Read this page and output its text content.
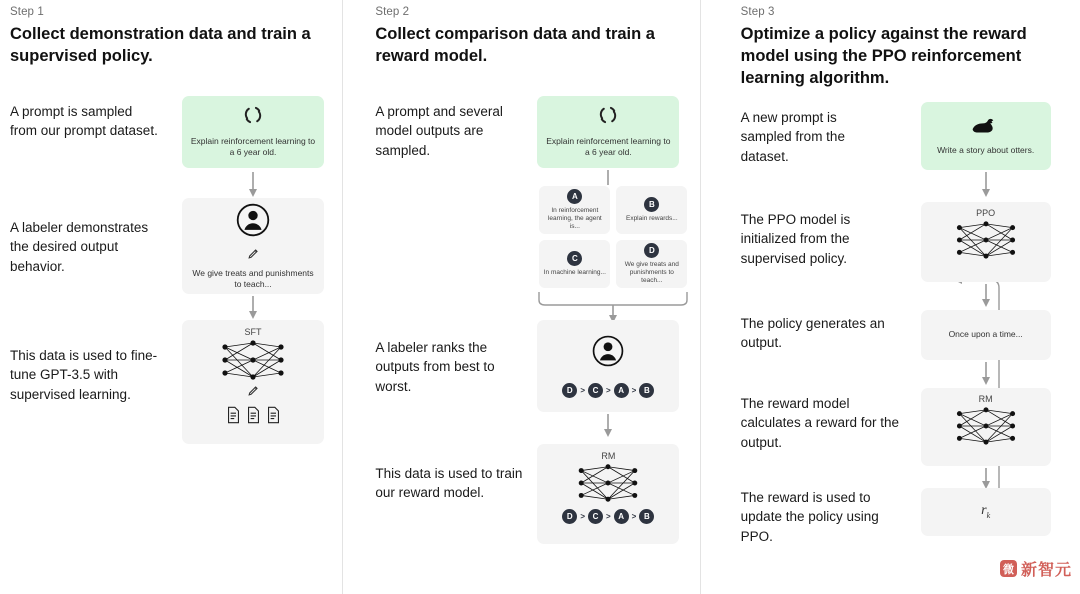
Step 1
Collect demonstration data and train a supervised policy.
A prompt is sampled from our prompt dataset.
Explain reinforcement learning to a 6 year old.
A labeler demonstrates the desired output behavior.	We give treats and punishments to teach...
This data is used to fine-tune GPT-3.5 with supervised learning.
SFT
Step 2
Collect comparison data and train a reward model.
A prompt and several model outputs are sampled.
Explain reinforcement learning to a 6 year old.
A
In reinforcement learning, the agent is...
B
Explain rewards...
C
In machine learning...
D
We give treats and punishments to teach...
A labeler ranks the outputs from best to worst.	D > C > A > B
This data is used to train our reward model.
RM
D > C > A > B
Step 3
Optimize a policy against the reward model using the PPO reinforcement learning algorithm.
A new prompt is sampled from the dataset.	Write a story about otters.
The PPO model is initialized from the supervised policy.
PPO
The policy generates an output.
Once upon a time...
The reward model calculates a reward for the output.
RM
The reward is used to update the policy using PPO.
$r_k$
微 新智元
